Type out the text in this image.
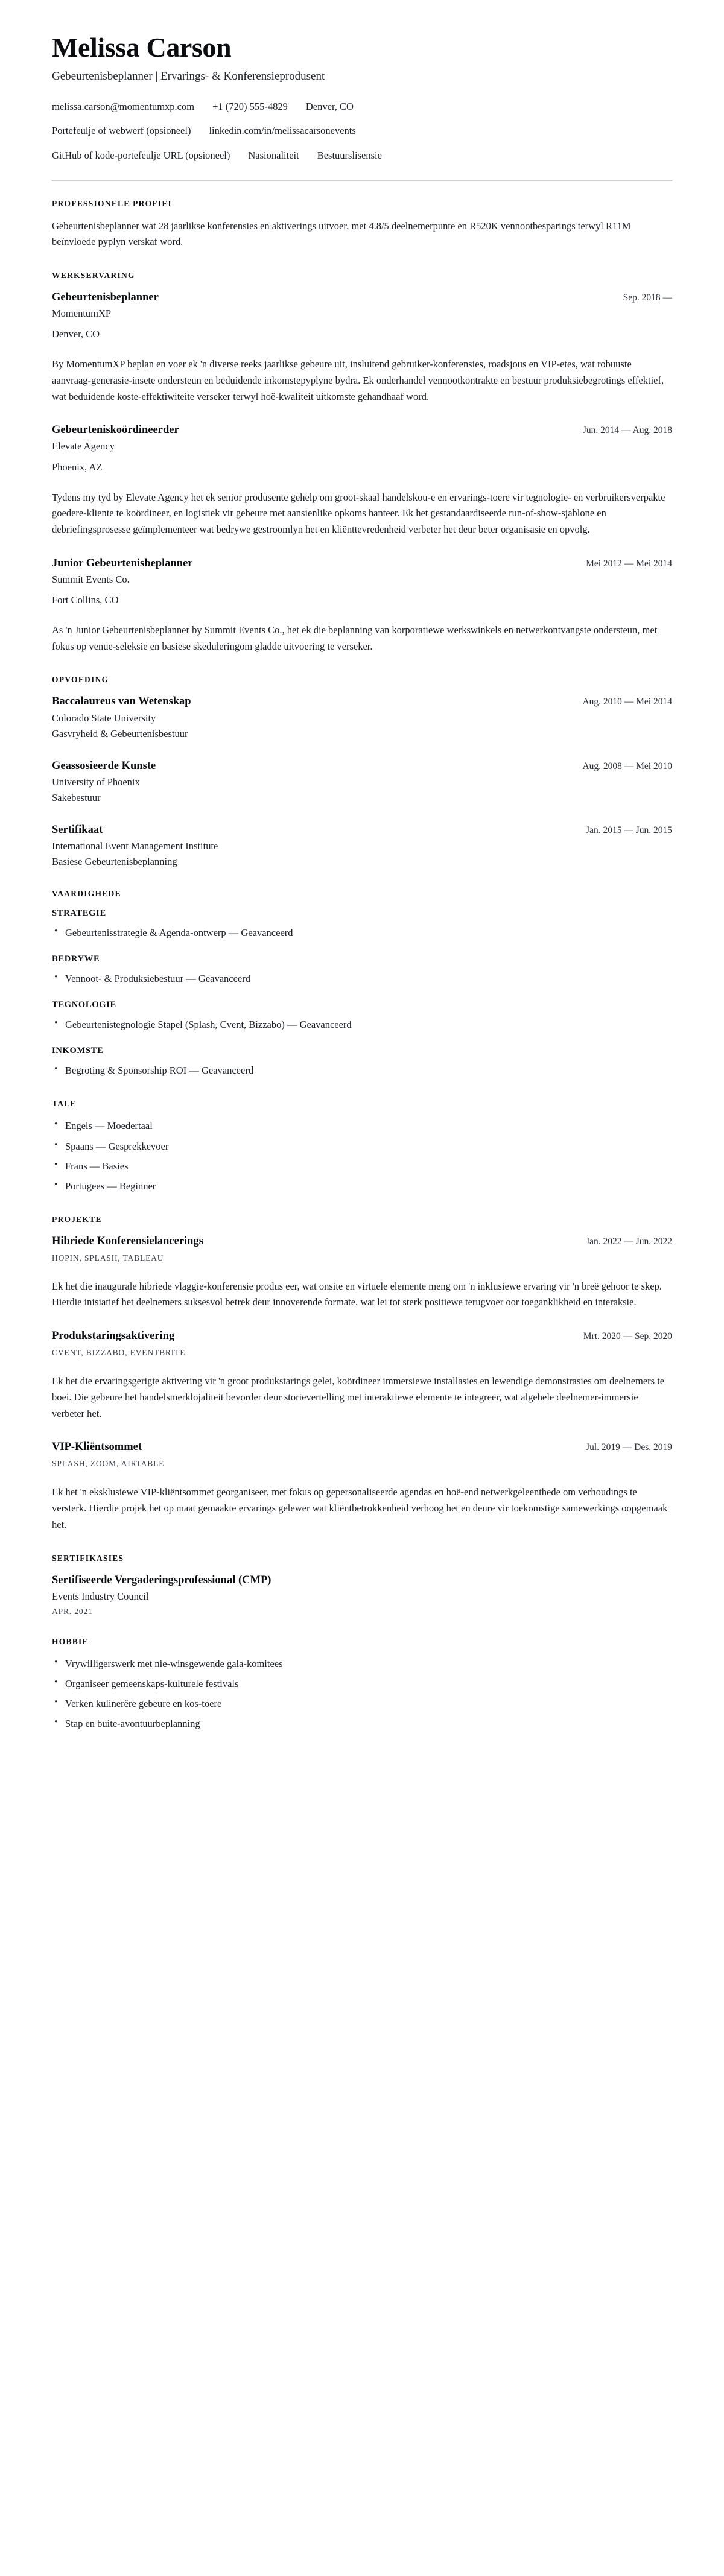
Melissa Carson

Gebeurtenisbeplanner | Ervarings- & Konferensieprodusent

melissa.carson@momentumxp.com +1 (720) 555-4829 Denver, CO
Portefeulje of webwerf (opsioneel) linkedin.com/in/melissacarsonevents
GitHub of kode-portefeulje URL (opsioneel) Nasionaliteit Bestuurslisensie
PROFESSIONELE PROFIEL

Gebeurtenisbeplanner wat 28 jaarlikse konferensies en aktiverings uitvoer, met 4.8/5 deelnemerpunte en R520K vennootbesparings terwyl R11M beïnvloede pyplyn verskaf word.

WERKSERVARING
Gebeurtenisbeplanner	Sep. 2018 —

MomentumXP

Denver, CO

By MomentumXP beplan en voer ek 'n diverse reeks jaarlikse gebeure uit, insluitend gebruiker-konferensies, roadsjous en VIP-etes, wat robuuste aanvraag-generasie-insete ondersteun en beduidende inkomstepyplyne bydra. Ek onderhandel vennootkontrakte en bestuur produksiebegrotings effektief, wat beduidende koste-effektiwiteite verseker terwyl hoë-kwaliteit uitkomste gehandhaaf word.

Gebeurteniskoördineerder	Jun. 2014 — Aug. 2018

Elevate Agency

Phoenix, AZ

Tydens my tyd by Elevate Agency het ek senior produsente gehelp om groot-skaal handelskou-e en ervarings-toere vir tegnologie- en verbruikersverpakte goedere-kliente te koördineer, en logistiek vir gebeure met aansienlike opkoms hanteer. Ek het gestandaardiseerde run-of-show-sjablone en debriefingsprosesse geïmplementeer wat bedrywe gestroomlyn het en kliënttevredenheid verbeter het deur beter organisasie en opvolg.

Junior Gebeurtenisbeplanner	Mei 2012 — Mei 2014

Summit Events Co.

Fort Collins, CO

As 'n Junior Gebeurtenisbeplanner by Summit Events Co., het ek die beplanning van korporatiewe werkswinkels en netwerkontvangste ondersteun, met fokus op venue-seleksie en basiese skeduleringom gladde uitvoering te verseker.

OPVOEDING
Baccalaureus van Wetenskap	Aug. 2010 — Mei 2014

Colorado State University

Gasvryheid & Gebeurtenisbestuur

Geassosieerde Kunste	Aug. 2008 — Mei 2010

University of Phoenix

Sakebestuur

Sertifikaat	Jan. 2015 — Jun. 2015

International Event Management Institute

Basiese Gebeurtenisbeplanning

VAARDIGHEDE
STRATEGIE
• Gebeurtenisstrategie & Agenda-ontwerp — Geavanceerd
BEDRYWE
• Vennoot- & Produksiebestuur — Geavanceerd
TEGNOLOGIE
• Gebeurtenistegnologie Stapel (Splash, Cvent, Bizzabo) — Geavanceerd
INKOMSTE
• Begroting & Sponsorship ROI — Geavanceerd
TALE
• Engels — Moedertaal
• Spaans — Gesprekkevoer
• Frans — Basies
• Portugees — Beginner
PROJEKTE
Hibriede Konferensielancerings	Jan. 2022 — Jun. 2022

HOPIN, SPLASH, TABLEAU

Ek het die inaugurale hibriede vlaggie-konferensie produs eer, wat onsite en virtuele elemente meng om 'n inklusiewe ervaring vir 'n breë gehoor te skep. Hierdie inisiatief het deelnemers suksesvol betrek deur innoverende formate, wat lei tot sterk positiewe terugvoer oor toeganklikheid en interaksie.

Produkstaringsaktivering	Mrt. 2020 — Sep. 2020

CVENT, BIZZABO, EVENTBRITE

Ek het die ervaringsgerigte aktivering vir 'n groot produkstarings gelei, koördineer immersiewe installasies en lewendige demonstrasies om deelnemers te boei. Die gebeure het handelsmerklojaliteit bevorder deur storievertelling met interaktiewe elemente te integreer, wat algehele deelnemer-immersie verbeter het.

VIP-Kliëntsommet	Jul. 2019 — Des. 2019

SPLASH, ZOOM, AIRTABLE

Ek het 'n eksklusiewe VIP-kliëntsommet georganiseer, met fokus op gepersonaliseerde agendas en hoë-end netwerkgeleenthede om verhoudings te versterk. Hierdie projek het op maat gemaakte ervarings gelewer wat kliëntbetrokkenheid verhoog het en deure vir toekomstige samewerkings oopgemaak het.

SERTIFIKASIES
Sertifiseerde Vergaderingsprofessional (CMP)

Events Industry Council

APR. 2021

HOBBIE
• Vrywilligerswerk met nie-winsgewende gala-komitees
• Organiseer gemeenskaps-kulturele festivals
• Verken kulinerêre gebeure en kos-toere
• Stap en buite-avontuurbeplanning
